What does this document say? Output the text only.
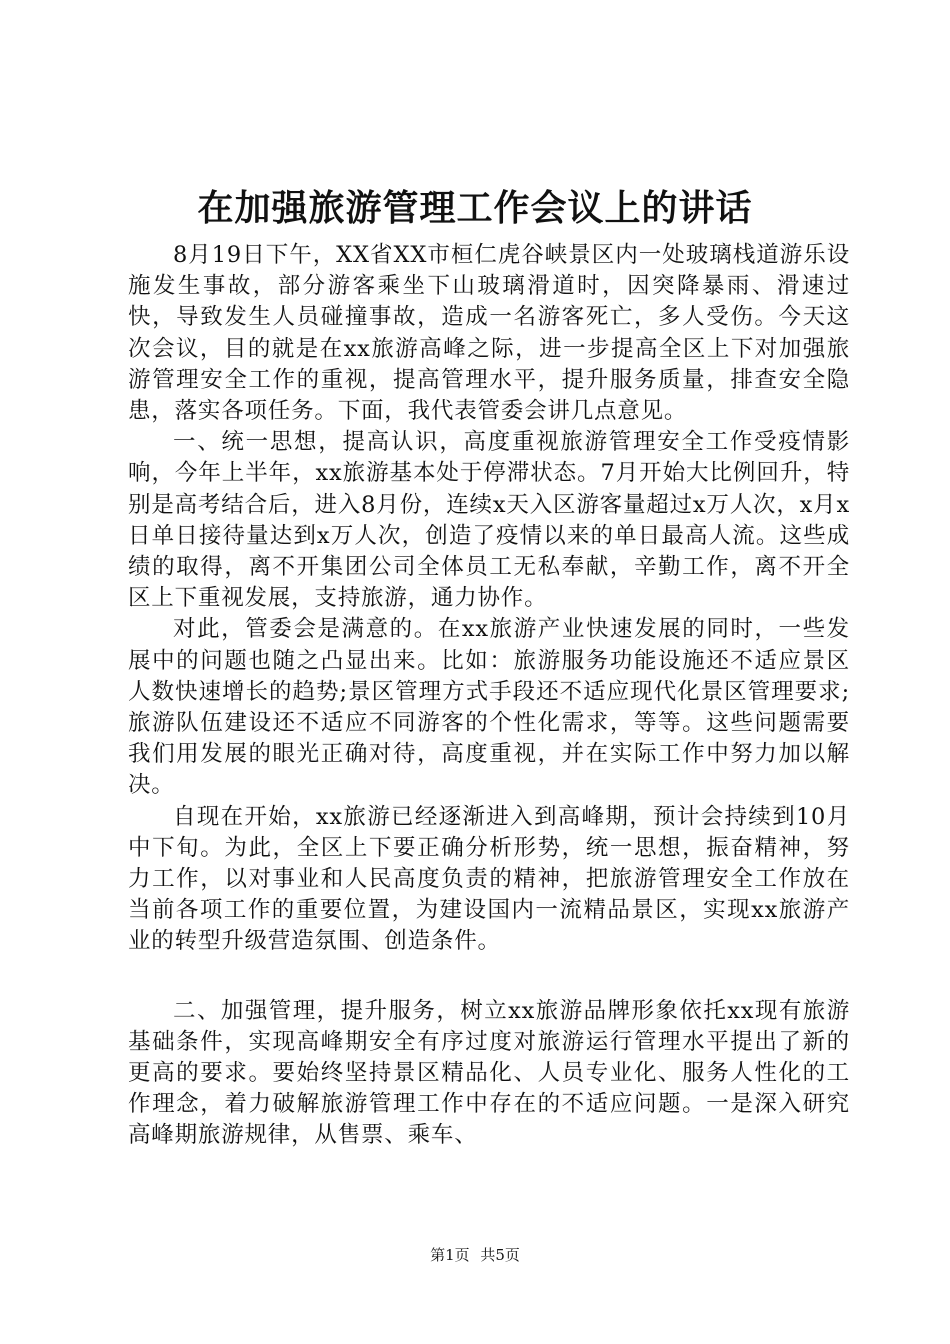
在加强旅游管理工作会议上的讲话

8月19日下午，XX省XX市桓仁虎谷峡景区内一处玻璃栈道游乐设施发生事故，部分游客乘坐下山玻璃滑道时，因突降暴雨、滑速过快，导致发生人员碰撞事故，造成一名游客死亡，多人受伤。今天这次会议，目的就是在xx旅游高峰之际，进一步提高全区上下对加强旅游管理安全工作的重视，提高管理水平，提升服务质量，排查安全隐患，落实各项任务。下面，我代表管委会讲几点意见。

一、统一思想，提高认识，高度重视旅游管理安全工作受疫情影响，今年上半年，xx旅游基本处于停滞状态。7月开始大比例回升，特别是高考结合后，进入8月份，连续x天入区游客量超过x万人次，x月x日单日接待量达到x万人次，创造了疫情以来的单日最高人流。这些成绩的取得，离不开集团公司全体员工无私奉献，辛勤工作，离不开全区上下重视发展，支持旅游，通力协作。

对此，管委会是满意的。在xx旅游产业快速发展的同时，一些发展中的问题也随之凸显出来。比如：旅游服务功能设施还不适应景区人数快速增长的趋势;景区管理方式手段还不适应现代化景区管理要求;旅游队伍建设还不适应不同游客的个性化需求，等等。这些问题需要我们用发展的眼光正确对待，高度重视，并在实际工作中努力加以解决。

自现在开始，xx旅游已经逐渐进入到高峰期，预计会持续到10月中下旬。为此，全区上下要正确分析形势，统一思想，振奋精神，努力工作，以对事业和人民高度负责的精神，把旅游管理安全工作放在当前各项工作的重要位置，为建设国内一流精品景区，实现xx旅游产业的转型升级营造氛围、创造条件。

二、加强管理，提升服务，树立xx旅游品牌形象依托xx现有旅游基础条件，实现高峰期安全有序过度对旅游运行管理水平提出了新的更高的要求。要始终坚持景区精品化、人员专业化、服务人性化的工作理念，着力破解旅游管理工作中存在的不适应问题。一是深入研究高峰期旅游规律，从售票、乘车、

第1页 共5页
